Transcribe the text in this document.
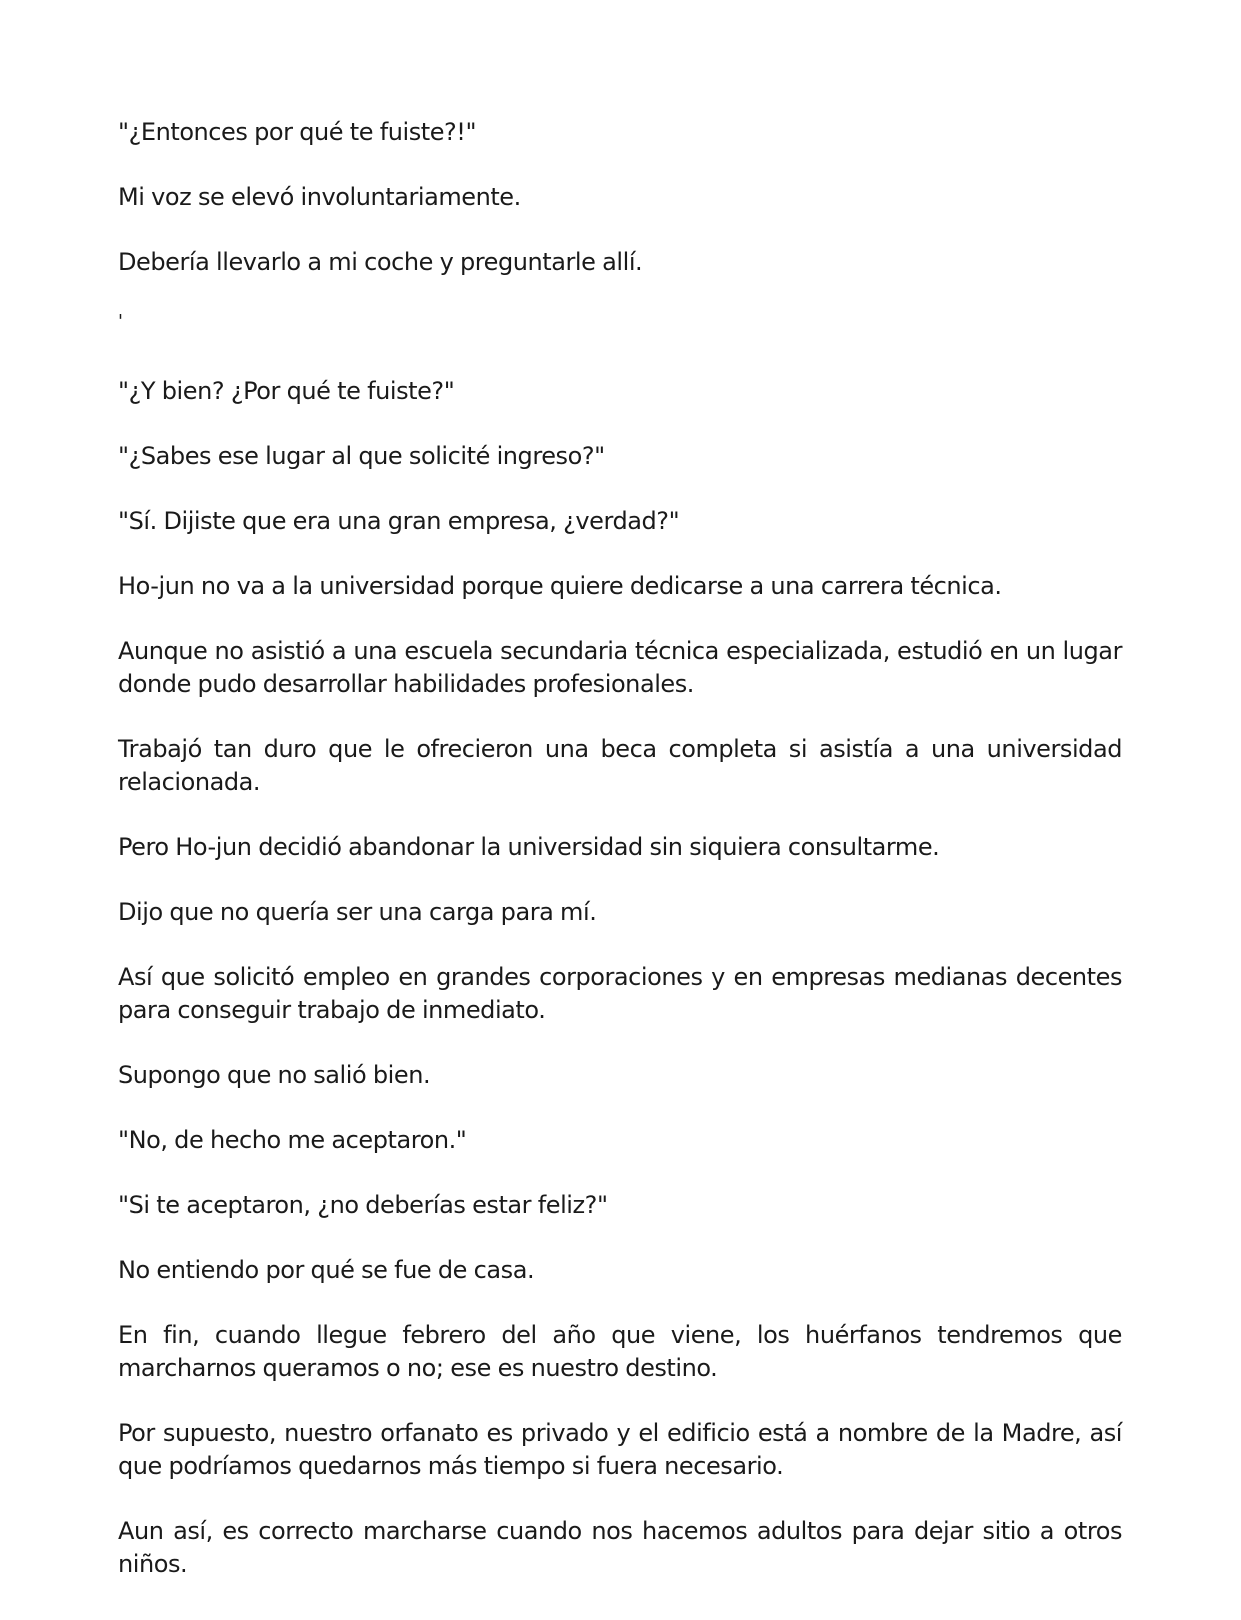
"¿Entonces por qué te fuiste?!"

Mi voz se elevó involuntariamente.

Debería llevarlo a mi coche y preguntarle allí.

'

"¿Y bien? ¿Por qué te fuiste?"

"¿Sabes ese lugar al que solicité ingreso?"

"Sí. Dijiste que era una gran empresa, ¿verdad?"

Ho-jun no va a la universidad porque quiere dedicarse a una carrera técnica.

Aunque no asistió a una escuela secundaria técnica especializada, estudió en un lugar donde pudo desarrollar habilidades profesionales.

Trabajó tan duro que le ofrecieron una beca completa si asistía a una universidad relacionada.

Pero Ho-jun decidió abandonar la universidad sin siquiera consultarme.

Dijo que no quería ser una carga para mí.

Así que solicitó empleo en grandes corporaciones y en empresas medianas decentes para conseguir trabajo de inmediato.

Supongo que no salió bien.

"No, de hecho me aceptaron."

"Si te aceptaron, ¿no deberías estar feliz?"

No entiendo por qué se fue de casa.

En fin, cuando llegue febrero del año que viene, los huérfanos tendremos que marcharnos queramos o no; ese es nuestro destino.

Por supuesto, nuestro orfanato es privado y el edificio está a nombre de la Madre, así que podríamos quedarnos más tiempo si fuera necesario.

Aun así, es correcto marcharse cuando nos hacemos adultos para dejar sitio a otros niños.
